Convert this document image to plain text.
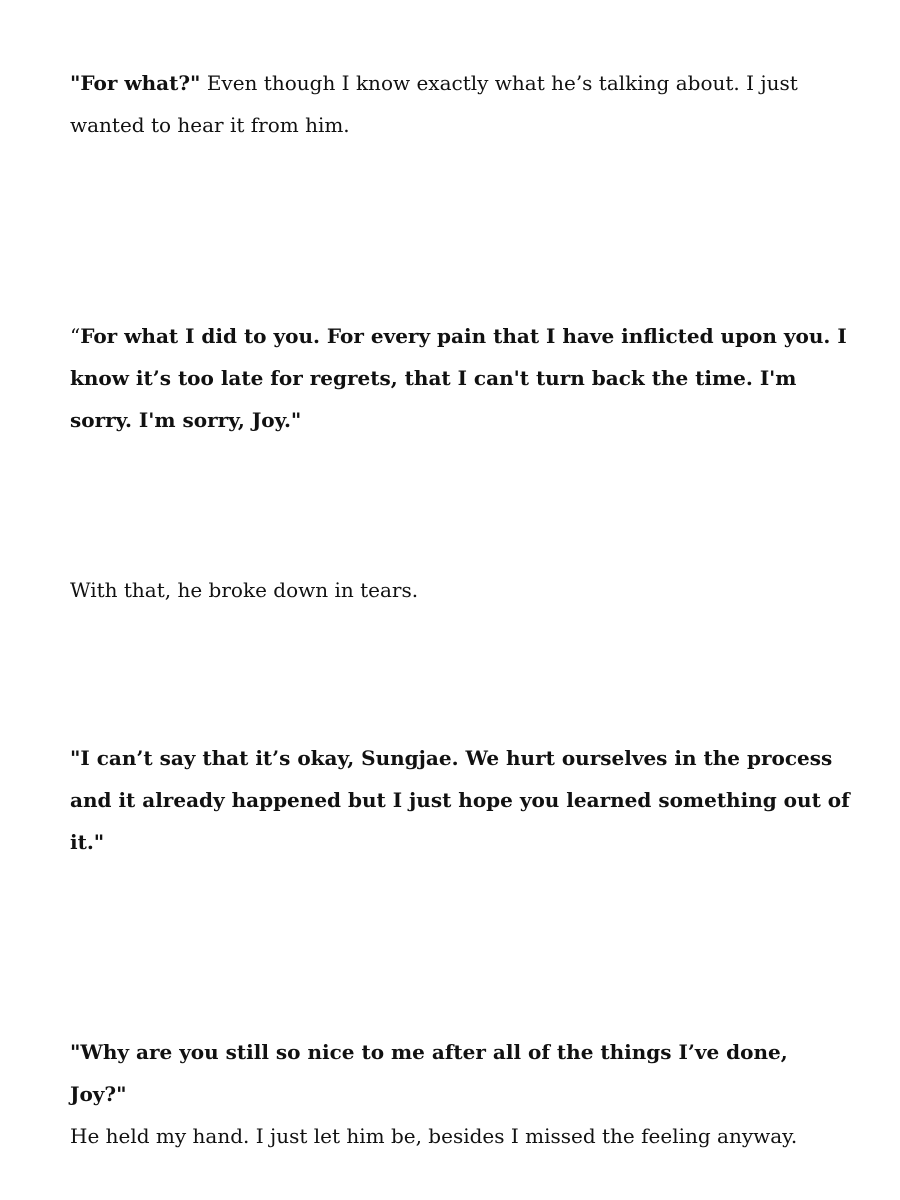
"For what?" Even though I know exactly what he’s talking about. I just wanted to hear it from him.

“For what I did to you. For every pain that I have inflicted upon you. I know it’s too late for regrets, that I can't turn back the time. I'm sorry. I'm sorry, Joy."

With that, he broke down in tears.

"I can’t say that it’s okay, Sungjae. We hurt ourselves in the process and it already happened but I just hope you learned something out of it."

"Why are you still so nice to me after all of the things I’ve done, Joy?"
He held my hand. I just let him be, besides I missed the feeling anyway.
